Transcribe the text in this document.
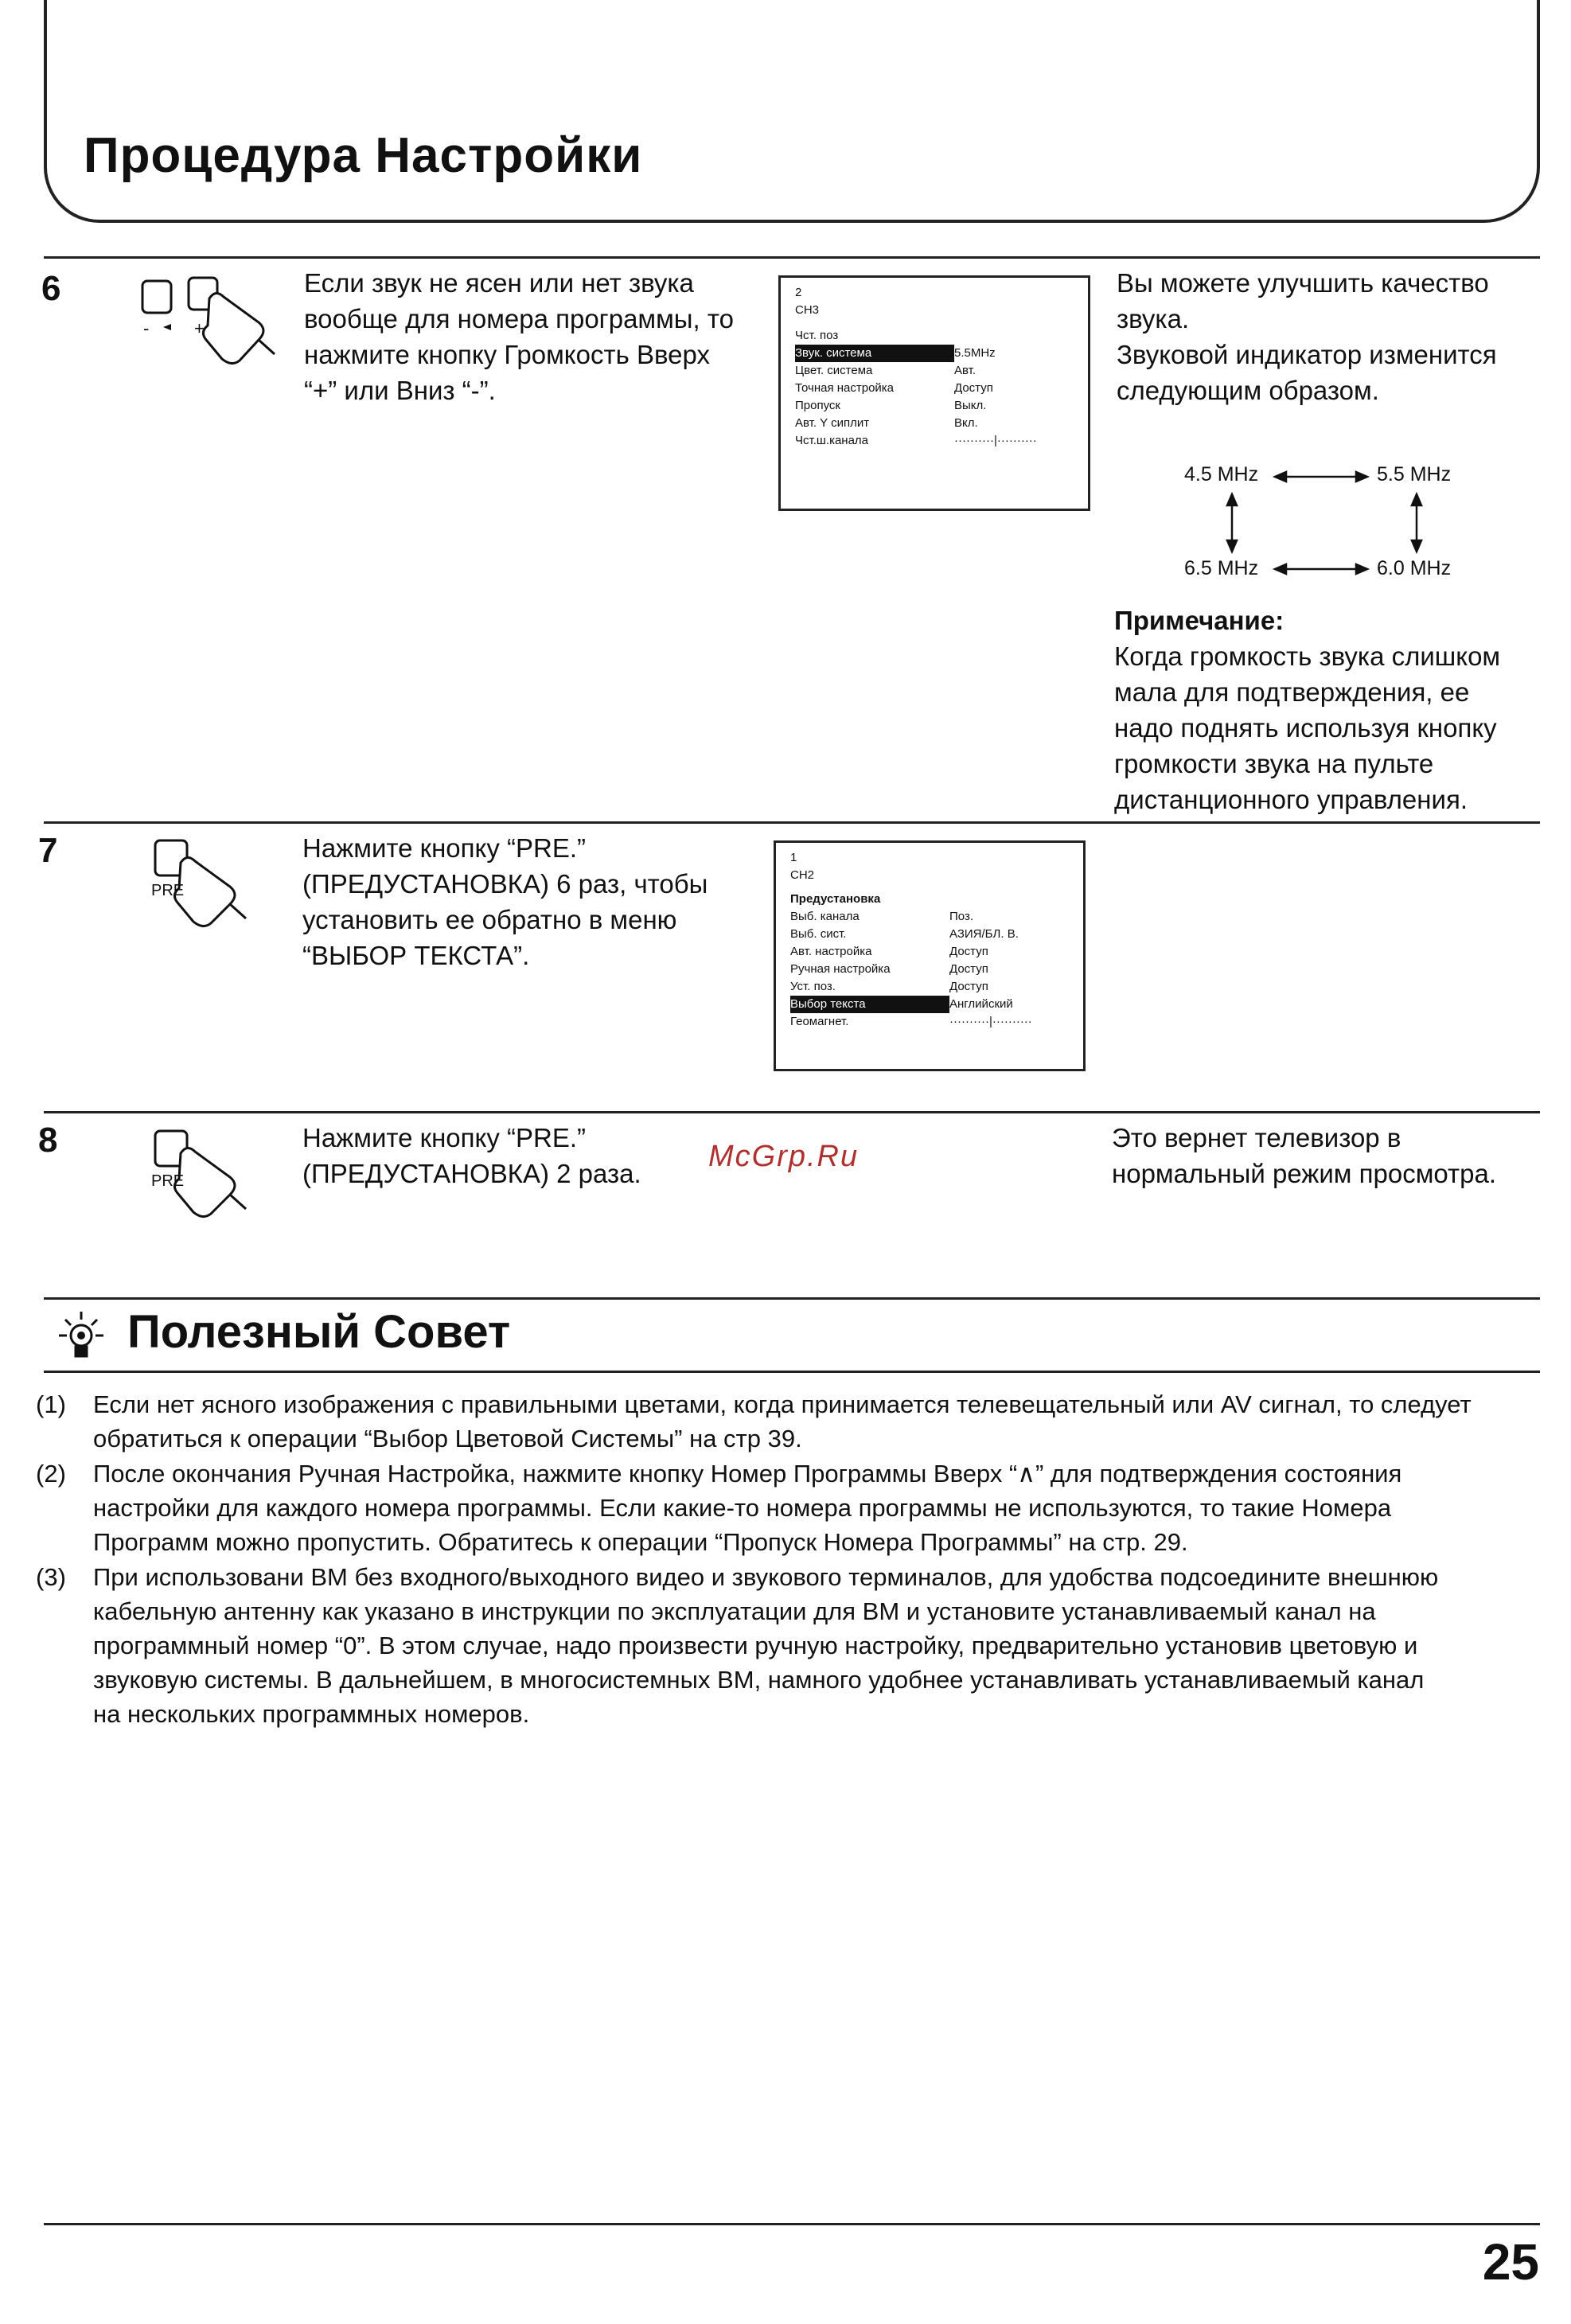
Процедура Настройки
6
-	+
Если звук не ясен или нет звука
вообще для номера программы, то
нажмите кнопку Громкость Вверх
“+” или Вниз “-”.
2
CH3
Чст. поз
Звук. система	5.5MHz
Цвет. система	Авт.
Точная настройка	Доступ
Пропуск	Выкл.
Авт. Y сиплит	Вкл.
Чст.ш.канала	··········|··········
Вы можете улучшить качество
звука.
Звуковой индикатор изменится
следующим образом.
4.5 MHz	5.5 MHz
6.5 MHz	6.0 MHz
Примечание:
Когда громкость звука слишком
мала для подтверждения, ее
надо поднять используя кнопку
громкости звука на пульте
дистанционного управления.
7
PRE
Нажмите кнопку “PRE.”
(ПРЕДУСТАНОВКА) 6 раз, чтобы
установить ее обратно в меню
“ВЫБОР ТЕКСТА”.
1
CH2
Предустановка
Выб. канала	Поз.
Выб. сист.	АЗИЯ/БЛ. В.
Авт. настройка	Доступ
Ручная настройка	Доступ
Уст. поз.	Доступ
Выбор текста	Английский
Геомагнет.	··········|··········
8
PRE
Нажмите кнопку “PRE.”
(ПРЕДУСТАНОВКА) 2 раза.
McGrp.Ru
Это вернет телевизор в
нормальный режим просмотра.
Полезный Совет
(1)	Если нет ясного изображения с правильными цветами, когда принимается телевещательный или AV сигнал, то следует
обратиться к операции “Выбор Цветовой Системы” на стр 39.
(2)	После окончания Ручная Настройка, нажмите кнопку Номер Программы Вверх “∧” для подтверждения состояния
настройки для каждого номера программы. Если какие-то номера программы не используются, то такие Номера
Программ можно пропустить. Обратитесь к операции “Пропуск Номера Программы” на стр. 29.
(3)	При использовани ВМ без входного/выходного видео и звукового терминалов, для удобства подсоедините внешнюю
кабельную антенну как указано в инструкции по эксплуатации для ВМ и установите устанавливаемый канал на
программный номер “0”. В этом случае, надо произвести ручную настройку, предварительно установив цветовую и
звуковую системы. В дальнейшем, в многосистемных ВМ, намного удобнее устанавливать устанавливаемый канал
на нескольких программных номеров.
25
